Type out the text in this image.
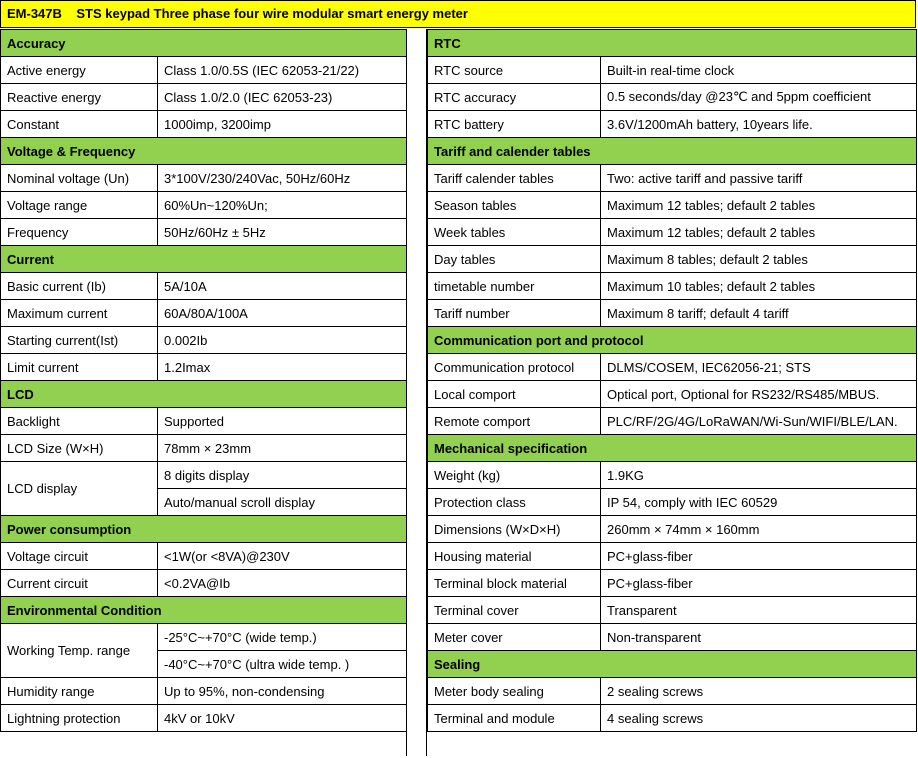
EM-347B STS keypad Three phase four wire modular smart energy meter
Accuracy	
Active energy	Class 1.0/0.5S (IEC 62053-21/22)
Reactive energy	Class 1.0/2.0 (IEC 62053-23)
Constant	1000imp, 3200imp
Voltage & Frequency	
Nominal voltage (Un)	3*100V/230/240Vac, 50Hz/60Hz
Voltage range	60%Un~120%Un;
Frequency	50Hz/60Hz ± 5Hz
Current	
Basic current (Ib)	5A/10A
Maximum current	60A/80A/100A
Starting current(Ist)	0.002Ib
Limit current	1.2Imax
LCD	
Backlight	Supported
LCD Size (W×H)	78mm × 23mm
LCD display	8 digits display
	Auto/manual scroll display
Power consumption	
Voltage circuit	<1W(or <8VA)@230V
Current circuit	<0.2VA@Ib
Environmental Condition	
Working Temp. range	-25°C~+70°C (wide temp.)
	-40°C~+70°C (ultra wide temp. )
Humidity range	Up to 95%, non-condensing
Lightning protection	4kV or 10kV
RTC	
RTC source	Built-in real-time clock
RTC accuracy	0.5 seconds/day @23℃ and 5ppm coefficient
RTC battery	3.6V/1200mAh battery, 10years life.
Tariff and calender tables	
Tariff calender tables	Two: active tariff and passive tariff
Season tables	Maximum 12 tables; default 2 tables
Week tables	Maximum 12 tables; default 2 tables
Day tables	Maximum 8 tables; default 2 tables
timetable number	Maximum 10 tables; default 2 tables
Tariff number	Maximum 8 tariff; default 4 tariff
Communication port and protocol	
Communication protocol	DLMS/COSEM, IEC62056-21; STS
Local comport	Optical port, Optional for RS232/RS485/MBUS.
Remote comport	PLC/RF/2G/4G/LoRaWAN/Wi-Sun/WIFI/BLE/LAN.
Mechanical specification	
Weight (kg)	1.9KG
Protection class	IP 54, comply with IEC 60529
Dimensions (W×D×H)	260mm × 74mm × 160mm
Housing material	PC+glass-fiber
Terminal block material	PC+glass-fiber
Terminal cover	Transparent
Meter cover	Non-transparent
Sealing	
Meter body sealing	2 sealing screws
Terminal and module	4 sealing screws
